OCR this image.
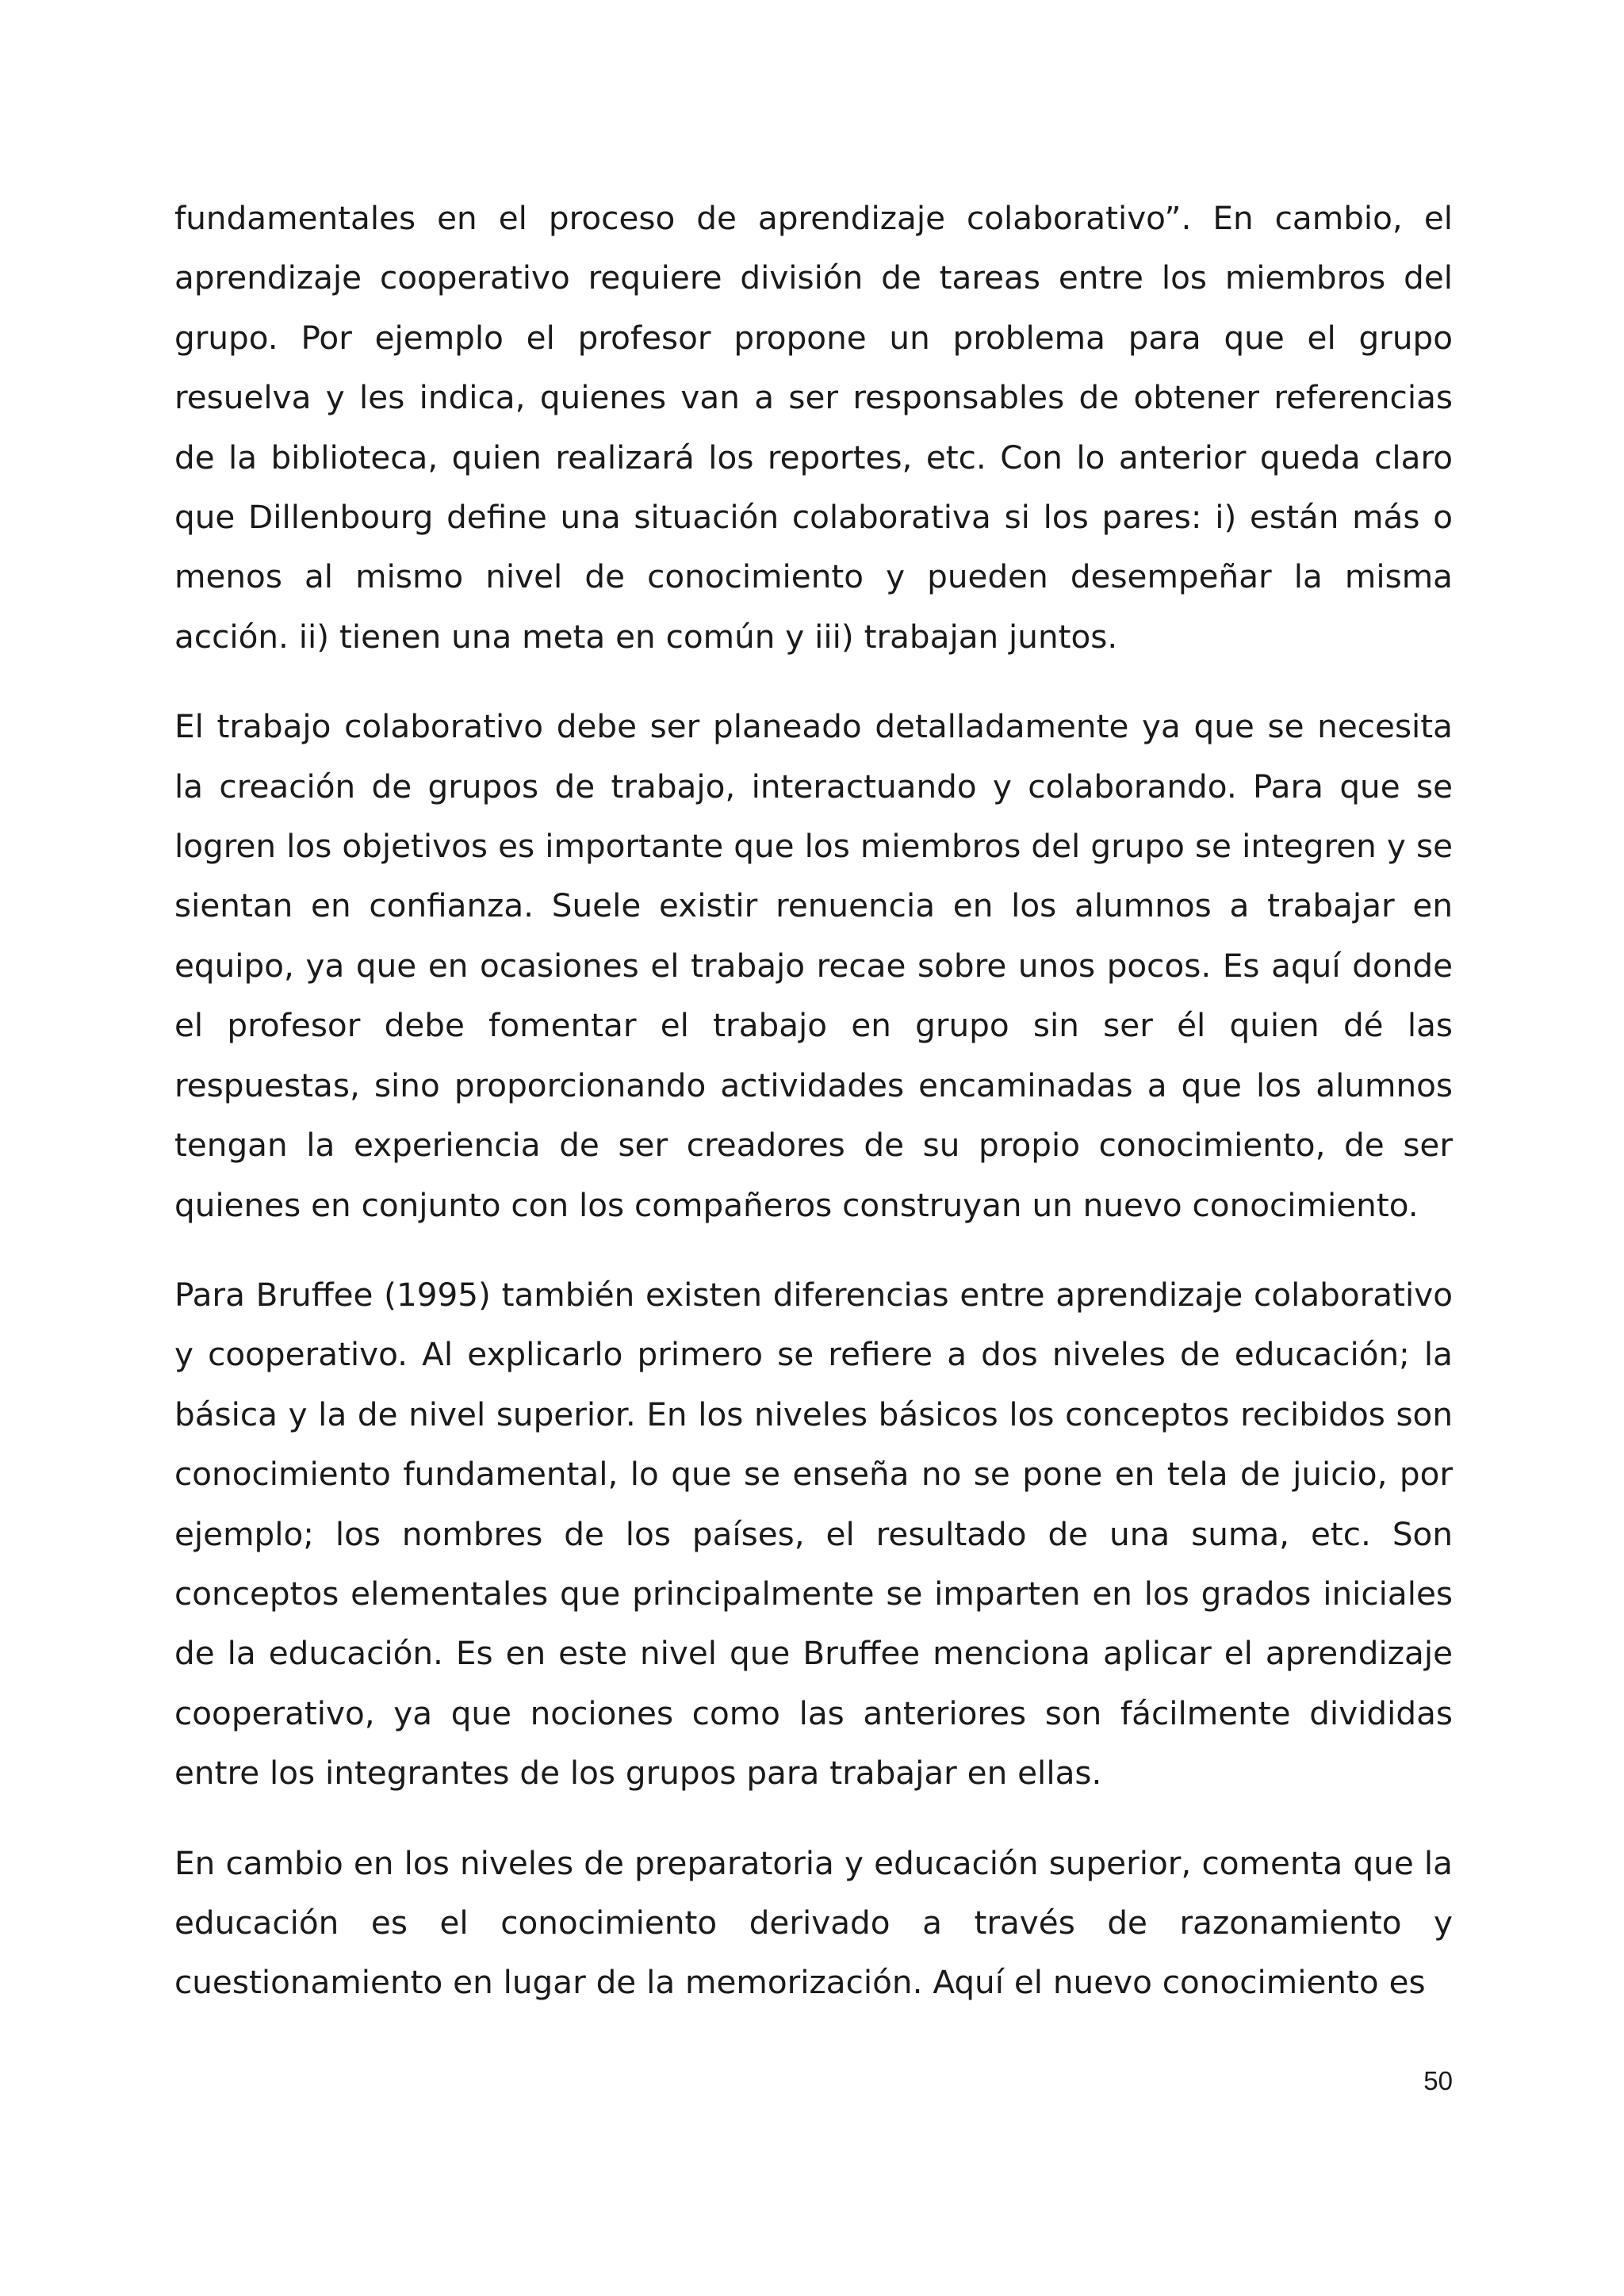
fundamentales en el proceso de aprendizaje colaborativo”. En cambio, el aprendizaje cooperativo requiere división de tareas entre los miembros del grupo. Por ejemplo el profesor propone un problema para que el grupo resuelva y les indica, quienes van a ser responsables de obtener referencias de la biblioteca, quien realizará los reportes, etc. Con lo anterior queda claro que Dillenbourg define una situación colaborativa si los pares: i) están más o menos al mismo nivel de conocimiento y pueden desempeñar la misma acción. ii) tienen una meta en común y iii) trabajan juntos.

El trabajo colaborativo debe ser planeado detalladamente ya que se necesita la creación de grupos de trabajo, interactuando y colaborando. Para que se logren los objetivos es importante que los miembros del grupo se integren y se sientan en confianza. Suele existir renuencia en los alumnos a trabajar en equipo, ya que en ocasiones el trabajo recae sobre unos pocos. Es aquí donde el profesor debe fomentar el trabajo en grupo sin ser él quien dé las respuestas, sino proporcionando actividades encaminadas a que los alumnos tengan la experiencia de ser creadores de su propio conocimiento, de ser quienes en conjunto con los compañeros construyan un nuevo conocimiento.

Para Bruffee (1995) también existen diferencias entre aprendizaje colaborativo y cooperativo. Al explicarlo primero se refiere a dos niveles de educación; la básica y la de nivel superior. En los niveles básicos los conceptos recibidos son conocimiento fundamental, lo que se enseña no se pone en tela de juicio, por ejemplo; los nombres de los países, el resultado de una suma, etc. Son conceptos elementales que principalmente se imparten en los grados iniciales de la educación. Es en este nivel que Bruffee menciona aplicar el aprendizaje cooperativo, ya que nociones como las anteriores son fácilmente divididas entre los integrantes de los grupos para trabajar en ellas.

En cambio en los niveles de preparatoria y educación superior, comenta que la educación es el conocimiento derivado a través de razonamiento y cuestionamiento en lugar de la memorización. Aquí el nuevo conocimiento es

50
